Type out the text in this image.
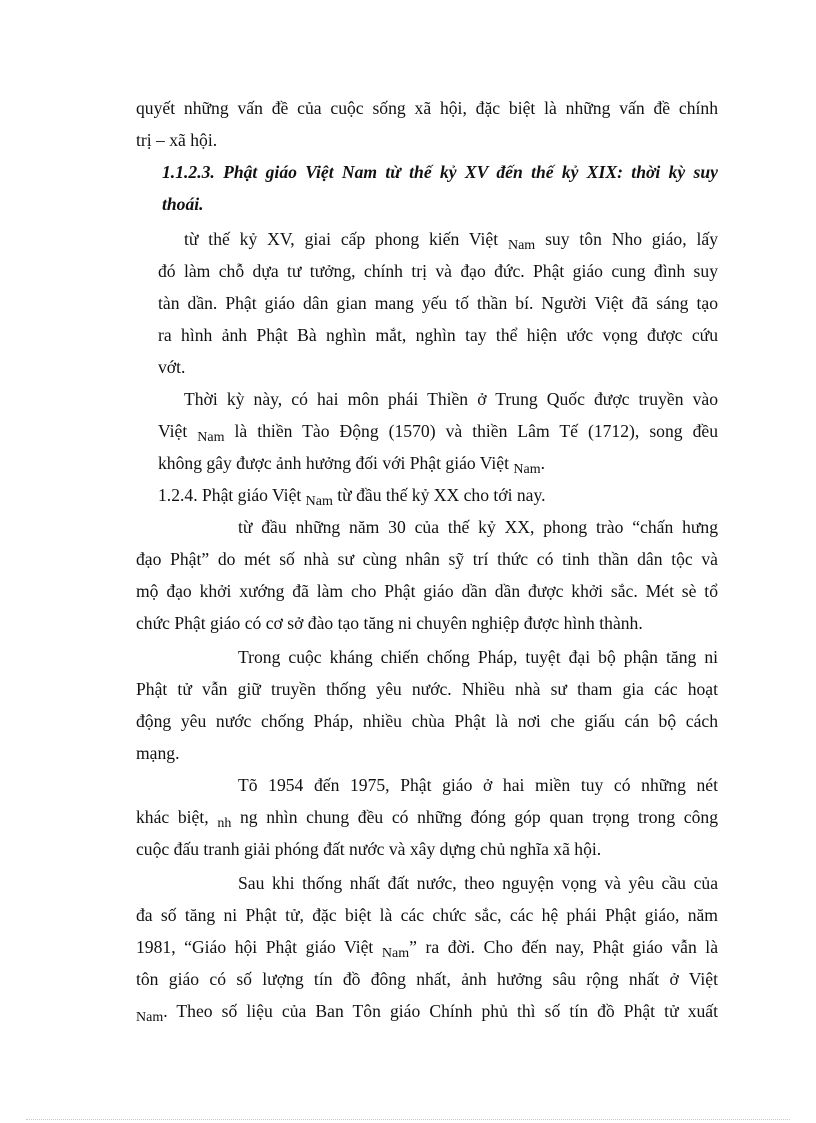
quyết những vấn đề của cuộc sống xã hội, đặc biệt là những vấn đề chính

trị – xã hội.

1.1.2.3. Phật giáo Việt Nam từ thế kỷ XV đến thế kỷ XIX: thời kỳ suy

thoái.

từ thế kỷ XV, giai cấp phong kiến Việt $_{Nam}$ suy tôn Nho giáo, lấy

đó làm chỗ dựa tư tưởng, chính trị và đạo đức. Phật giáo cung đình suy

tàn dần. Phật giáo dân gian mang yếu tố thần bí. Người Việt đã sáng tạo

ra hình ảnh Phật Bà nghìn mắt, nghìn tay thể hiện ước vọng được cứu

vớt.

Thời kỳ này, có hai môn phái Thiền ở Trung Quốc được truyền vào

Việt $_{Nam}$ là thiền Tào Động (1570) và thiền Lâm Tế (1712), song đều

không gây được ảnh hưởng đối với Phật giáo Việt $_{Nam}$.

1.2.4. Phật giáo Việt $_{Nam}$ từ đầu thế kỷ XX cho tới nay.

từ đầu những năm 30 của thế kỷ XX, phong trào “chấn hưng

đạo Phật” do mét số nhà sư cùng nhân sỹ trí thức có tinh thần dân tộc và

mộ đạo khởi xướng đã làm cho Phật giáo dần dần được khởi sắc. Mét sè tổ

chức Phật giáo có cơ sở đào tạo tăng ni chuyên nghiệp được hình thành.

Trong cuộc kháng chiến chống Pháp, tuyệt đại bộ phận tăng ni

Phật tử vẫn giữ truyền thống yêu nước. Nhiều nhà sư tham gia các hoạt

động yêu nước chống Pháp, nhiều chùa Phật là nơi che giấu cán bộ cách

mạng.

Tõ 1954 đến 1975, Phật giáo ở hai miền tuy có những nét

khác biệt, $_{nh}$ ng nhìn chung đều có những đóng góp quan trọng trong công

cuộc đấu tranh giải phóng đất nước và xây dựng chủ nghĩa xã hội.

Sau khi thống nhất đất nước, theo nguyện vọng và yêu cầu của

đa số tăng ni Phật tử, đặc biệt là các chức sắc, các hệ phái Phật giáo, năm

1981, “Giáo hội Phật giáo Việt $_{Nam}$” ra đời. Cho đến nay, Phật giáo vẫn là

tôn giáo có số lượng tín đồ đông nhất, ảnh hưởng sâu rộng nhất ở Việt

$_{Nam}$. Theo số liệu của Ban Tôn giáo Chính phủ thì số tín đồ Phật tử xuất
